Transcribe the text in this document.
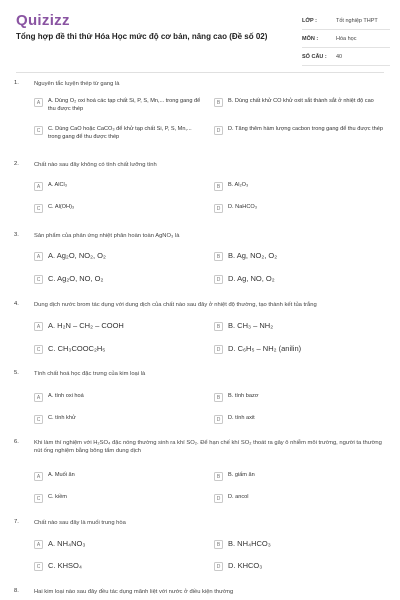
Quizizz
Tổng hợp đề thi thử Hóa Học mức độ cơ bản, nâng cao (Đề số 02)
LỚP :	Tốt nghiệp THPT
MÔN :	Hóa học
SỐ CÂU :	40
1.	Nguyên tắc luyện thép từ gang là
A	A. Dùng O₂ oxi hoá các tạp chất Si, P, S, Mn,... trong gang để thu được thép
B	B. Dùng chất khử CO khử oxit sắt thành sắt ở nhiệt độ cao
C	C. Dùng CaO hoặc CaCO₃ để khử tạp chất Si, P, S, Mn,... trong gang để thu được thép
D	D. Tăng thêm hàm lượng cacbon trong gang để thu được thép
2.	Chất nào sau đây không có tính chất lưỡng tính
A	A. AlCl₃	B	B. Al₂O₃
C	C. Al(OH)₃	D	D. NaHCO₃
3.	Sản phẩm của phản ứng nhiệt phân hoàn toàn AgNO₃ là
A	A. Ag₂O, NO₂, O₂	B	B. Ag, NO₂, O₂
C	C. Ag₂O, NO, O₂	D	D. Ag, NO, O₂
4.	Dung dịch nước brom tác dụng với dung dịch của chất nào sau đây ở nhiệt độ thường, tạo thành kết tủa trắng
A	A. H₂N – CH₂ – COOH	B	B. CH₃ – NH₂
C	C. CH₃COOC₂H₅	D	D. C₆H₅ – NH₂ (anilin)
5.	Tính chất hoá học đặc trưng của kim loại là
A	A. tính oxi hoá	B	B. tính bazơ
C	C. tính khử	D	D. tính axit
6.	Khi làm thí nghiệm với H₂SO₄ đặc nóng thường sinh ra khí SO₂. Để hạn chế khí SO₂ thoát ra gây ô nhiễm môi trường, người ta thường nút ống nghiệm bằng bông tẩm dung dịch
A	A. Muối ăn	B	B. giấm ăn
C	C. kiềm	D	D. ancol
7.	Chất nào sau đây là muối trung hòa
A	A. NH₄NO₃	B	B. NH₄HCO₃
C	C. KHSO₄	D	D. KHCO₃
8.	Hai kim loại nào sau đây đều tác dụng mãnh liệt với nước ở điều kiện thường
